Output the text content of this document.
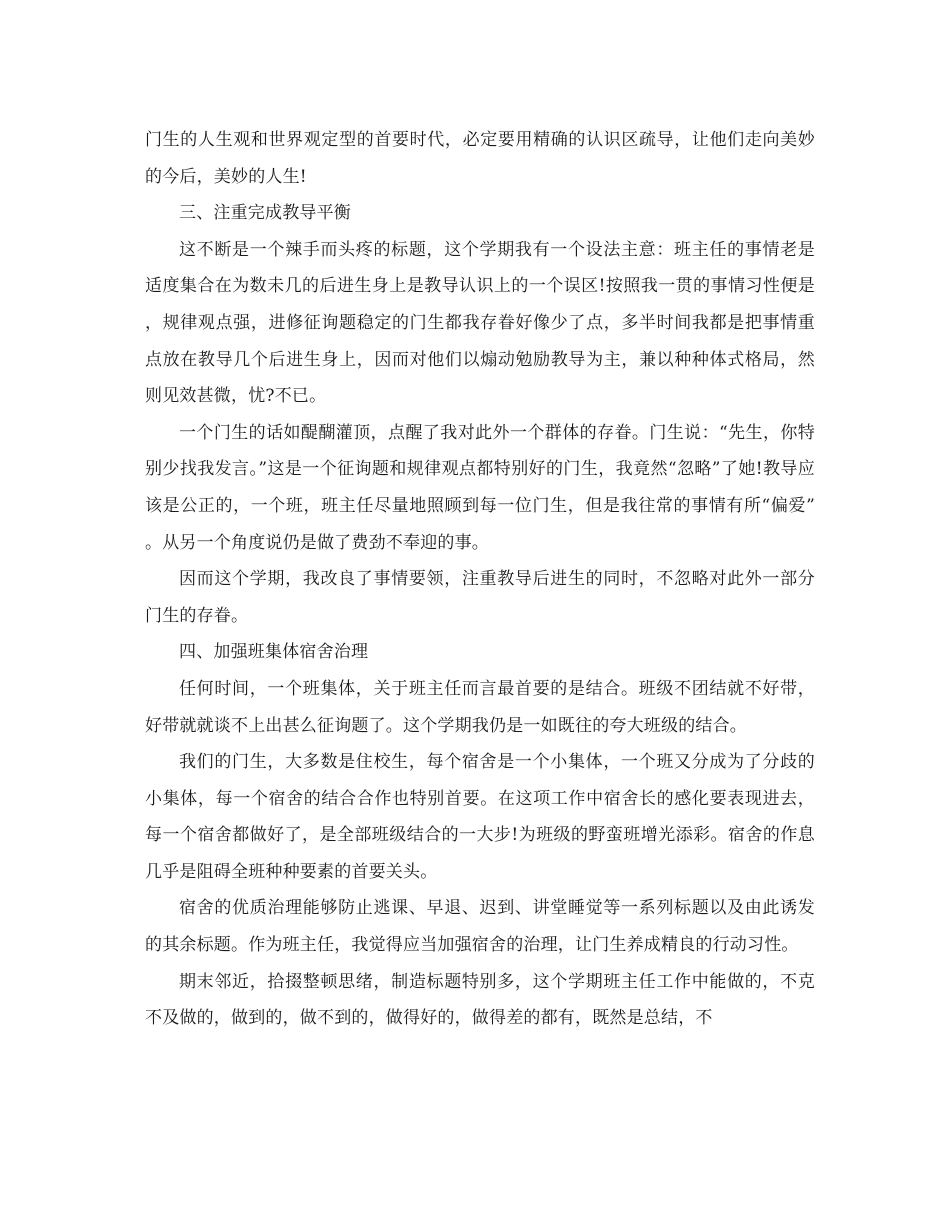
门生的人生观和世界观定型的首要时代，必定要用精确的认识区疏导，让他们走向美妙的今后，美妙的人生!

三、注重完成教导平衡

这不断是一个辣手而头疼的标题，这个学期我有一个设法主意：班主任的事情老是适度集合在为数未几的后进生身上是教导认识上的一个误区!按照我一贯的事情习性便是，规律观点强，进修征询题稳定的门生都我存眷好像少了点，多半时间我都是把事情重点放在教导几个后进生身上，因而对他们以煽动勉励教导为主，兼以种种体式格局，然则见效甚微，忧?不已。

一个门生的话如醍醐灌顶，点醒了我对此外一个群体的存眷。门生说：“先生，你特别少找我发言。”这是一个征询题和规律观点都特别好的门生，我竟然“忽略”了她!教导应该是公正的，一个班，班主任尽量地照顾到每一位门生，但是我往常的事情有所“偏爱”。从另一个角度说仍是做了费劲不奉迎的事。

因而这个学期，我改良了事情要领，注重教导后进生的同时，不忽略对此外一部分门生的存眷。

四、加强班集体宿舍治理

任何时间，一个班集体，关于班主任而言最首要的是结合。班级不团结就不好带，好带就就谈不上出甚么征询题了。这个学期我仍是一如既往的夸大班级的结合。

我们的门生，大多数是住校生，每个宿舍是一个小集体，一个班又分成为了分歧的小集体，每一个宿舍的结合合作也特别首要。在这项工作中宿舍长的感化要表现进去，每一个宿舍都做好了，是全部班级结合的一大步!为班级的野蛮班增光添彩。宿舍的作息几乎是阻碍全班种种要素的首要关头。

宿舍的优质治理能够防止逃课、早退、迟到、讲堂睡觉等一系列标题以及由此诱发的其余标题。作为班主任，我觉得应当加强宿舍的治理，让门生养成精良的行动习性。

期末邻近，拾掇整顿思绪，制造标题特别多，这个学期班主任工作中能做的，不克不及做的，做到的，做不到的，做得好的，做得差的都有，既然是总结，不
